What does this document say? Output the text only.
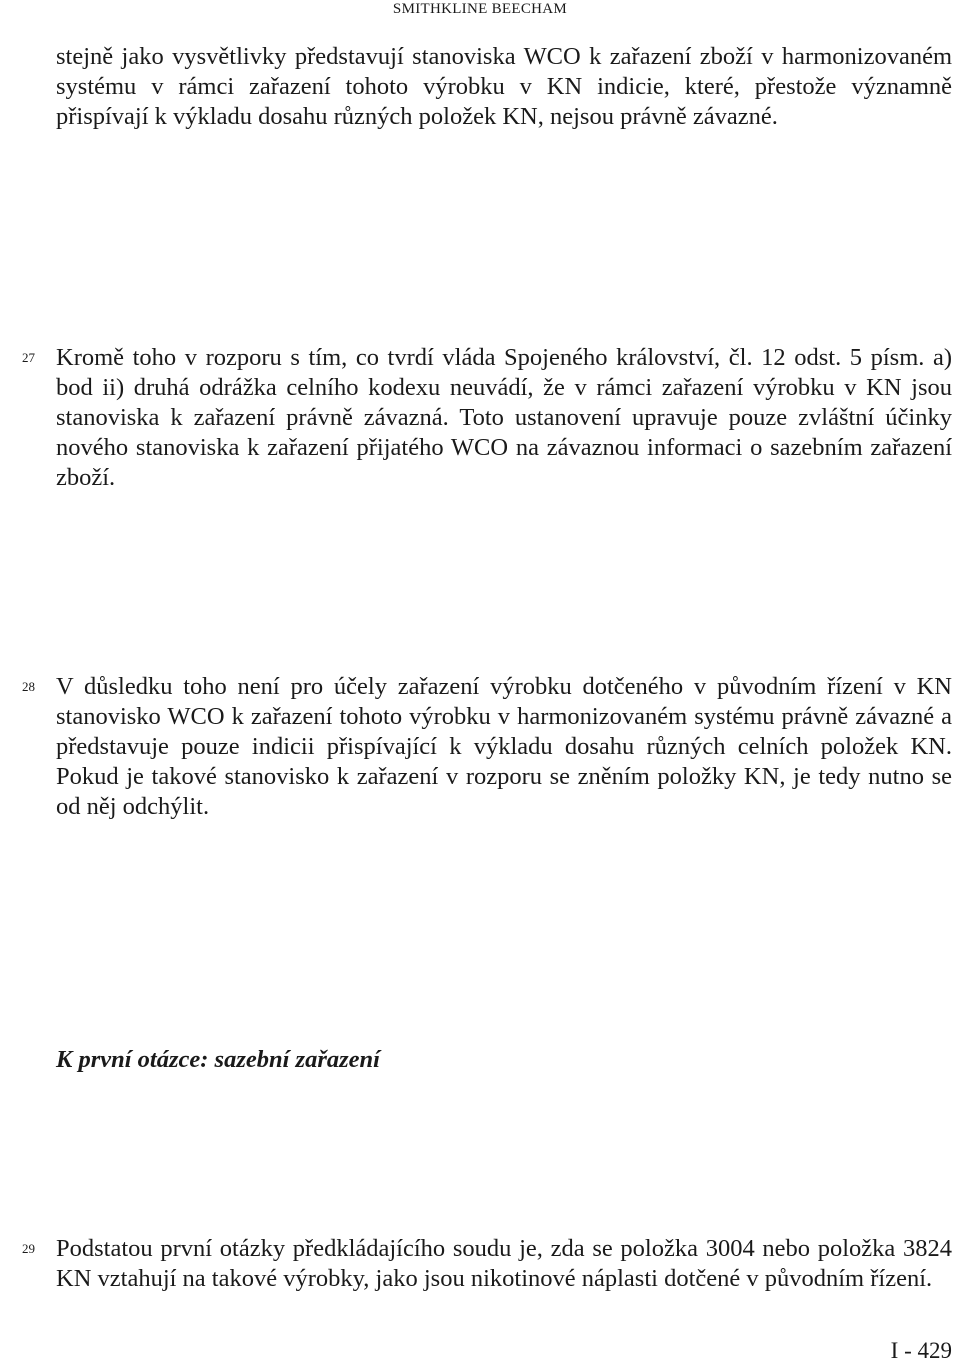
SMITHKLINE BEECHAM

stejně jako vysvětlivky představují stanoviska WCO k zařazení zboží v harmonizovaném systému v rámci zařazení tohoto výrobku v KN indicie, které, přestože významně přispívají k výkladu dosahu různých položek KN, nejsou právně závazné.

27 Kromě toho v rozporu s tím, co tvrdí vláda Spojeného království, čl. 12 odst. 5 písm. a) bod ii) druhá odrážka celního kodexu neuvádí, že v rámci zařazení výrobku v KN jsou stanoviska k zařazení právně závazná. Toto ustanovení upravuje pouze zvláštní účinky nového stanoviska k zařazení přijatého WCO na závaznou informaci o sazebním zařazení zboží.

28 V důsledku toho není pro účely zařazení výrobku dotčeného v původním řízení v KN stanovisko WCO k zařazení tohoto výrobku v harmonizovaném systému právně závazné a představuje pouze indicii přispívající k výkladu dosahu různých celních položek KN. Pokud je takové stanovisko k zařazení v rozporu se zněním položky KN, je tedy nutno se od něj odchýlit.

K první otázce: sazební zařazení
29 Podstatou první otázky předkládajícího soudu je, zda se položka 3004 nebo položka 3824 KN vztahují na takové výrobky, jako jsou nikotinové náplasti dotčené v původním řízení.

I - 429
